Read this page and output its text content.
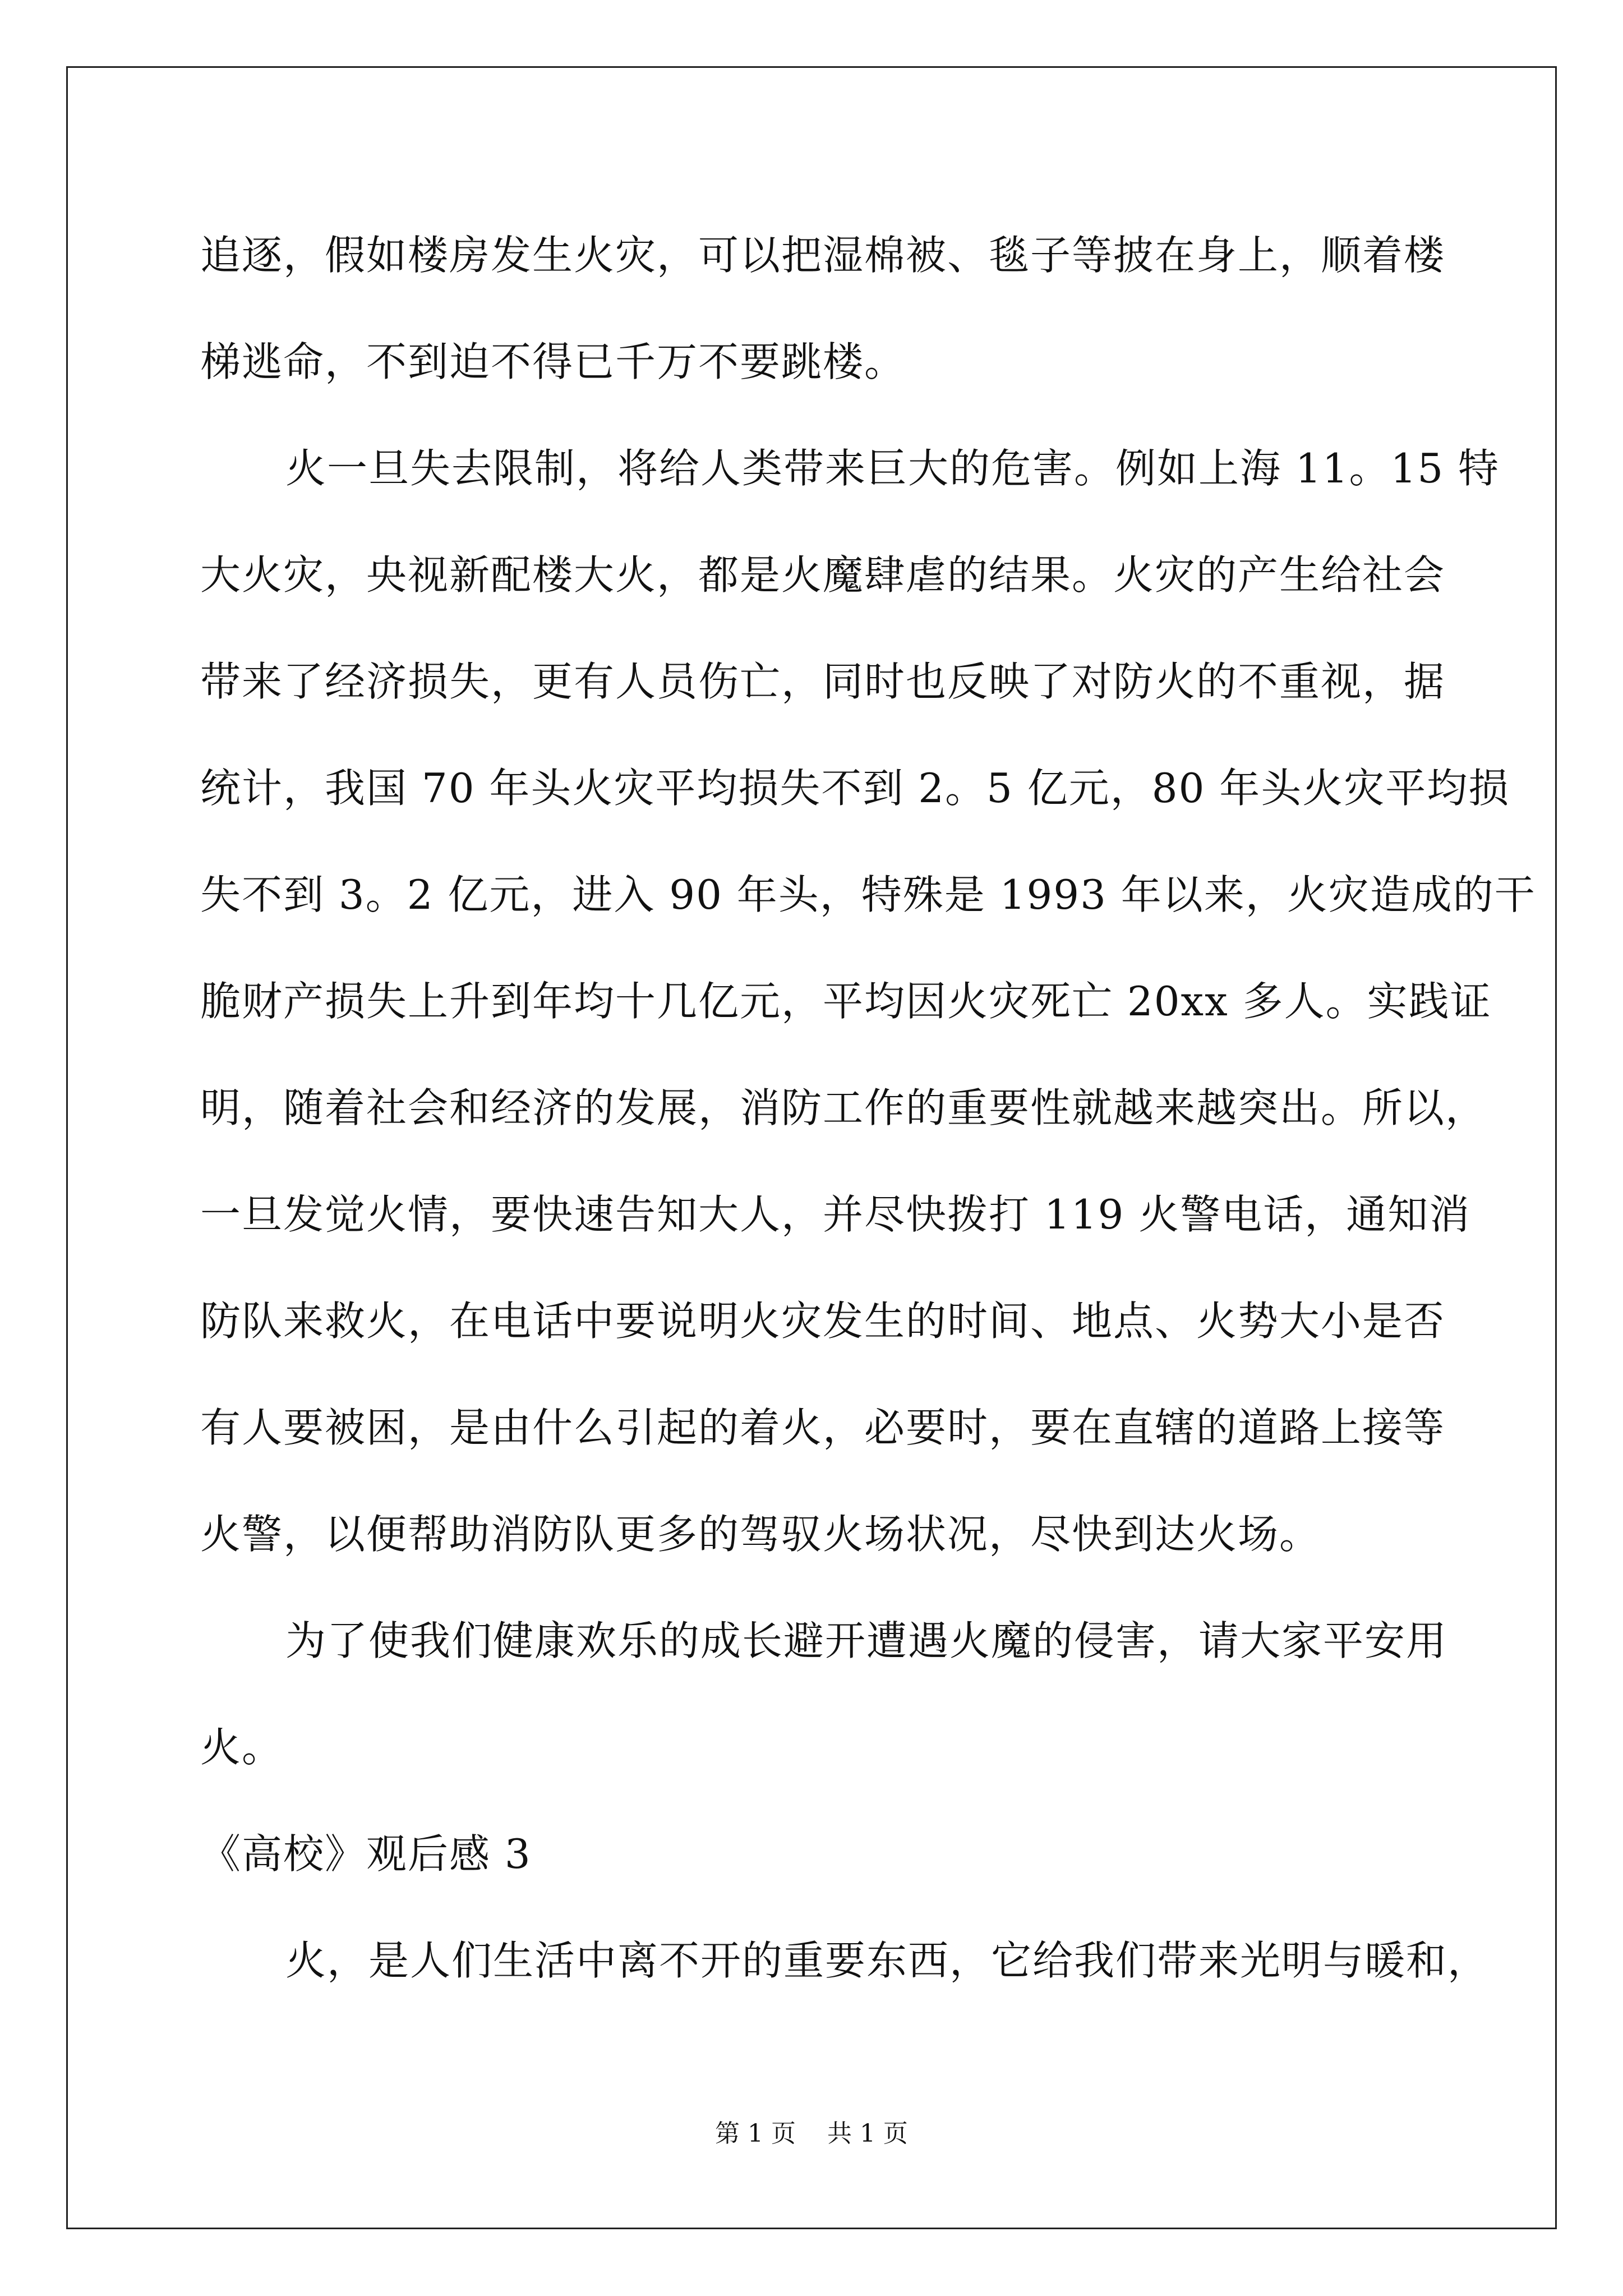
追逐，假如楼房发生火灾，可以把湿棉被、毯子等披在身上，顺着楼
梯逃命，不到迫不得已千万不要跳楼。
火一旦失去限制，将给人类带来巨大的危害。例如上海 11。15 特
大火灾，央视新配楼大火，都是火魔肆虐的结果。火灾的产生给社会
带来了经济损失，更有人员伤亡，同时也反映了对防火的不重视，据
统计，我国 70 年头火灾平均损失不到 2。5 亿元，80 年头火灾平均损
失不到 3。2 亿元，进入 90 年头，特殊是 1993 年以来，火灾造成的干
脆财产损失上升到年均十几亿元，平均因火灾死亡 20xx 多人。实践证
明，随着社会和经济的发展，消防工作的重要性就越来越突出。所以，
一旦发觉火情，要快速告知大人，并尽快拨打 119 火警电话，通知消
防队来救火，在电话中要说明火灾发生的时间、地点、火势大小是否
有人要被困，是由什么引起的着火，必要时，要在直辖的道路上接等
火警，以便帮助消防队更多的驾驭火场状况，尽快到达火场。
为了使我们健康欢乐的成长避开遭遇火魔的侵害，请大家平安用
火。
《高校》观后感 3
火，是人们生活中离不开的重要东西，它给我们带来光明与暖和，
第 1 页    共 1 页
